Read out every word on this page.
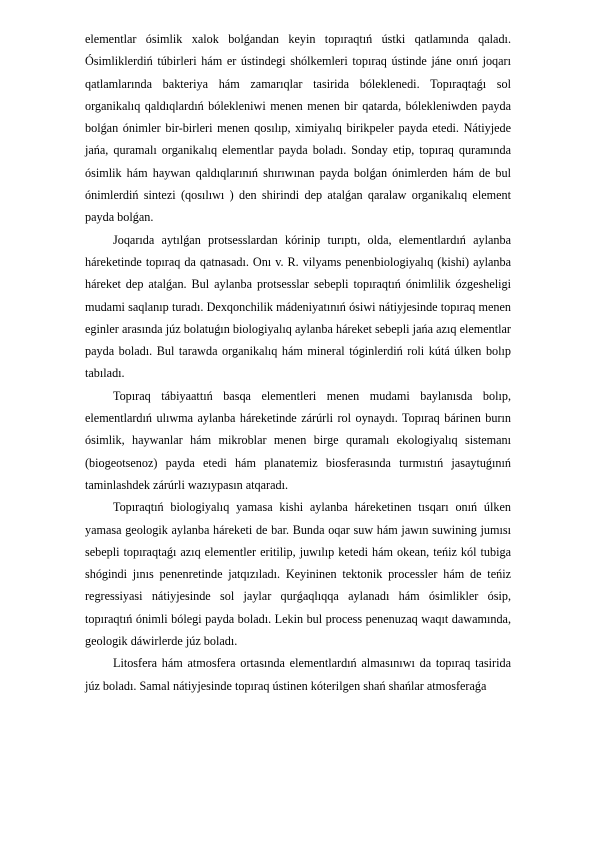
elementlar ósimlik xalok bolǵandan keyin topıraqtıń ústki qatlamında qaladı. Ósimliklerdiń túbirleri hám er ústindegi shólkemleri topıraq ústinde jáne onıń joqarı qatlamlarında bakteriya hám zamarıqlar tasirida bóleklenedi. Topıraqtaǵı sol organikalıq qaldıqlardıń bólekleniwi menen menen bir qatarda, bólekleniwden payda bolǵan ónimler bir-birleri menen qosılıp, ximiyalıq birikpeler payda etedi. Nátiyjede jańa, quramalı organikalıq elementlar payda boladı. Sonday etip, topıraq quramında ósimlik hám haywan qaldıqlarınıń shırıwınan payda bolǵan ónimlerden hám de bul ónimlerdiń sintezi (qosılıwı ) den shirindi dep atalǵan qaralaw organikalıq element payda bolǵan.

Joqarıda aytılǵan protsesslardan kórinip turıptı, olda, elementlardıń aylanba háreketinde topıraq da qatnasadı. Onı v. R. vilyams penenbiologiyalıq (kishi) aylanba háreket dep atalǵan. Bul aylanba protsesslar sebepli topıraqtıń ónimlilik ózgesheligi mudami saqlanıp turadı. Dexqonchilik mádeniyatınıń ósiwi nátiyjesinde topıraq menen eginler arasında júz bolatuǵın biologiyalıq aylanba háreket sebepli jańa azıq elementlar payda boladı. Bul tarawda organikalıq hám mineral tóginlerdiń roli kútá úlken bolıp tabıladı.

Topıraq tábiyaattıń basqa elementleri menen mudami baylanısda bolıp, elementlardıń ulıwma aylanba háreketinde zárúrli rol oynaydı. Topıraq bárinen burın ósimlik, haywanlar hám mikroblar menen birge quramalı ekologiyalıq sistemanı (biogeotsenoz) payda etedi hám planatemiz biosferasında turmıstıń jasaytuǵınıń taminlashdek zárúrli wazıypasın atqaradı.

Topıraqtıń biologiyalıq yamasa kishi aylanba háreketinen tısqarı onıń úlken yamasa geologik aylanba háreketi de bar. Bunda oqar suw hám jawın suwining jumısı sebepli topıraqtaǵı azıq elementler eritilip, juwılıp ketedi hám okean, teńiz kól tubiga shógindi jınıs penenretinde jatqızıladı. Keyininen tektonik processler hám de teńiz regressiyasi nátiyjesinde sol jaylar qurǵaqlıqqa aylanadı hám ósimlikler ósip, topıraqtıń ónimli bólegi payda boladı. Lekin bul process penenuzaq waqıt dawamında, geologik dáwirlerde júz boladı.

Litosfera hám atmosfera ortasında elementlardıń almasınıwı da topıraq tasirida júz boladı. Samal nátiyjesinde topıraq ústinen kóterilgen shań shańlar atmosferaǵa
